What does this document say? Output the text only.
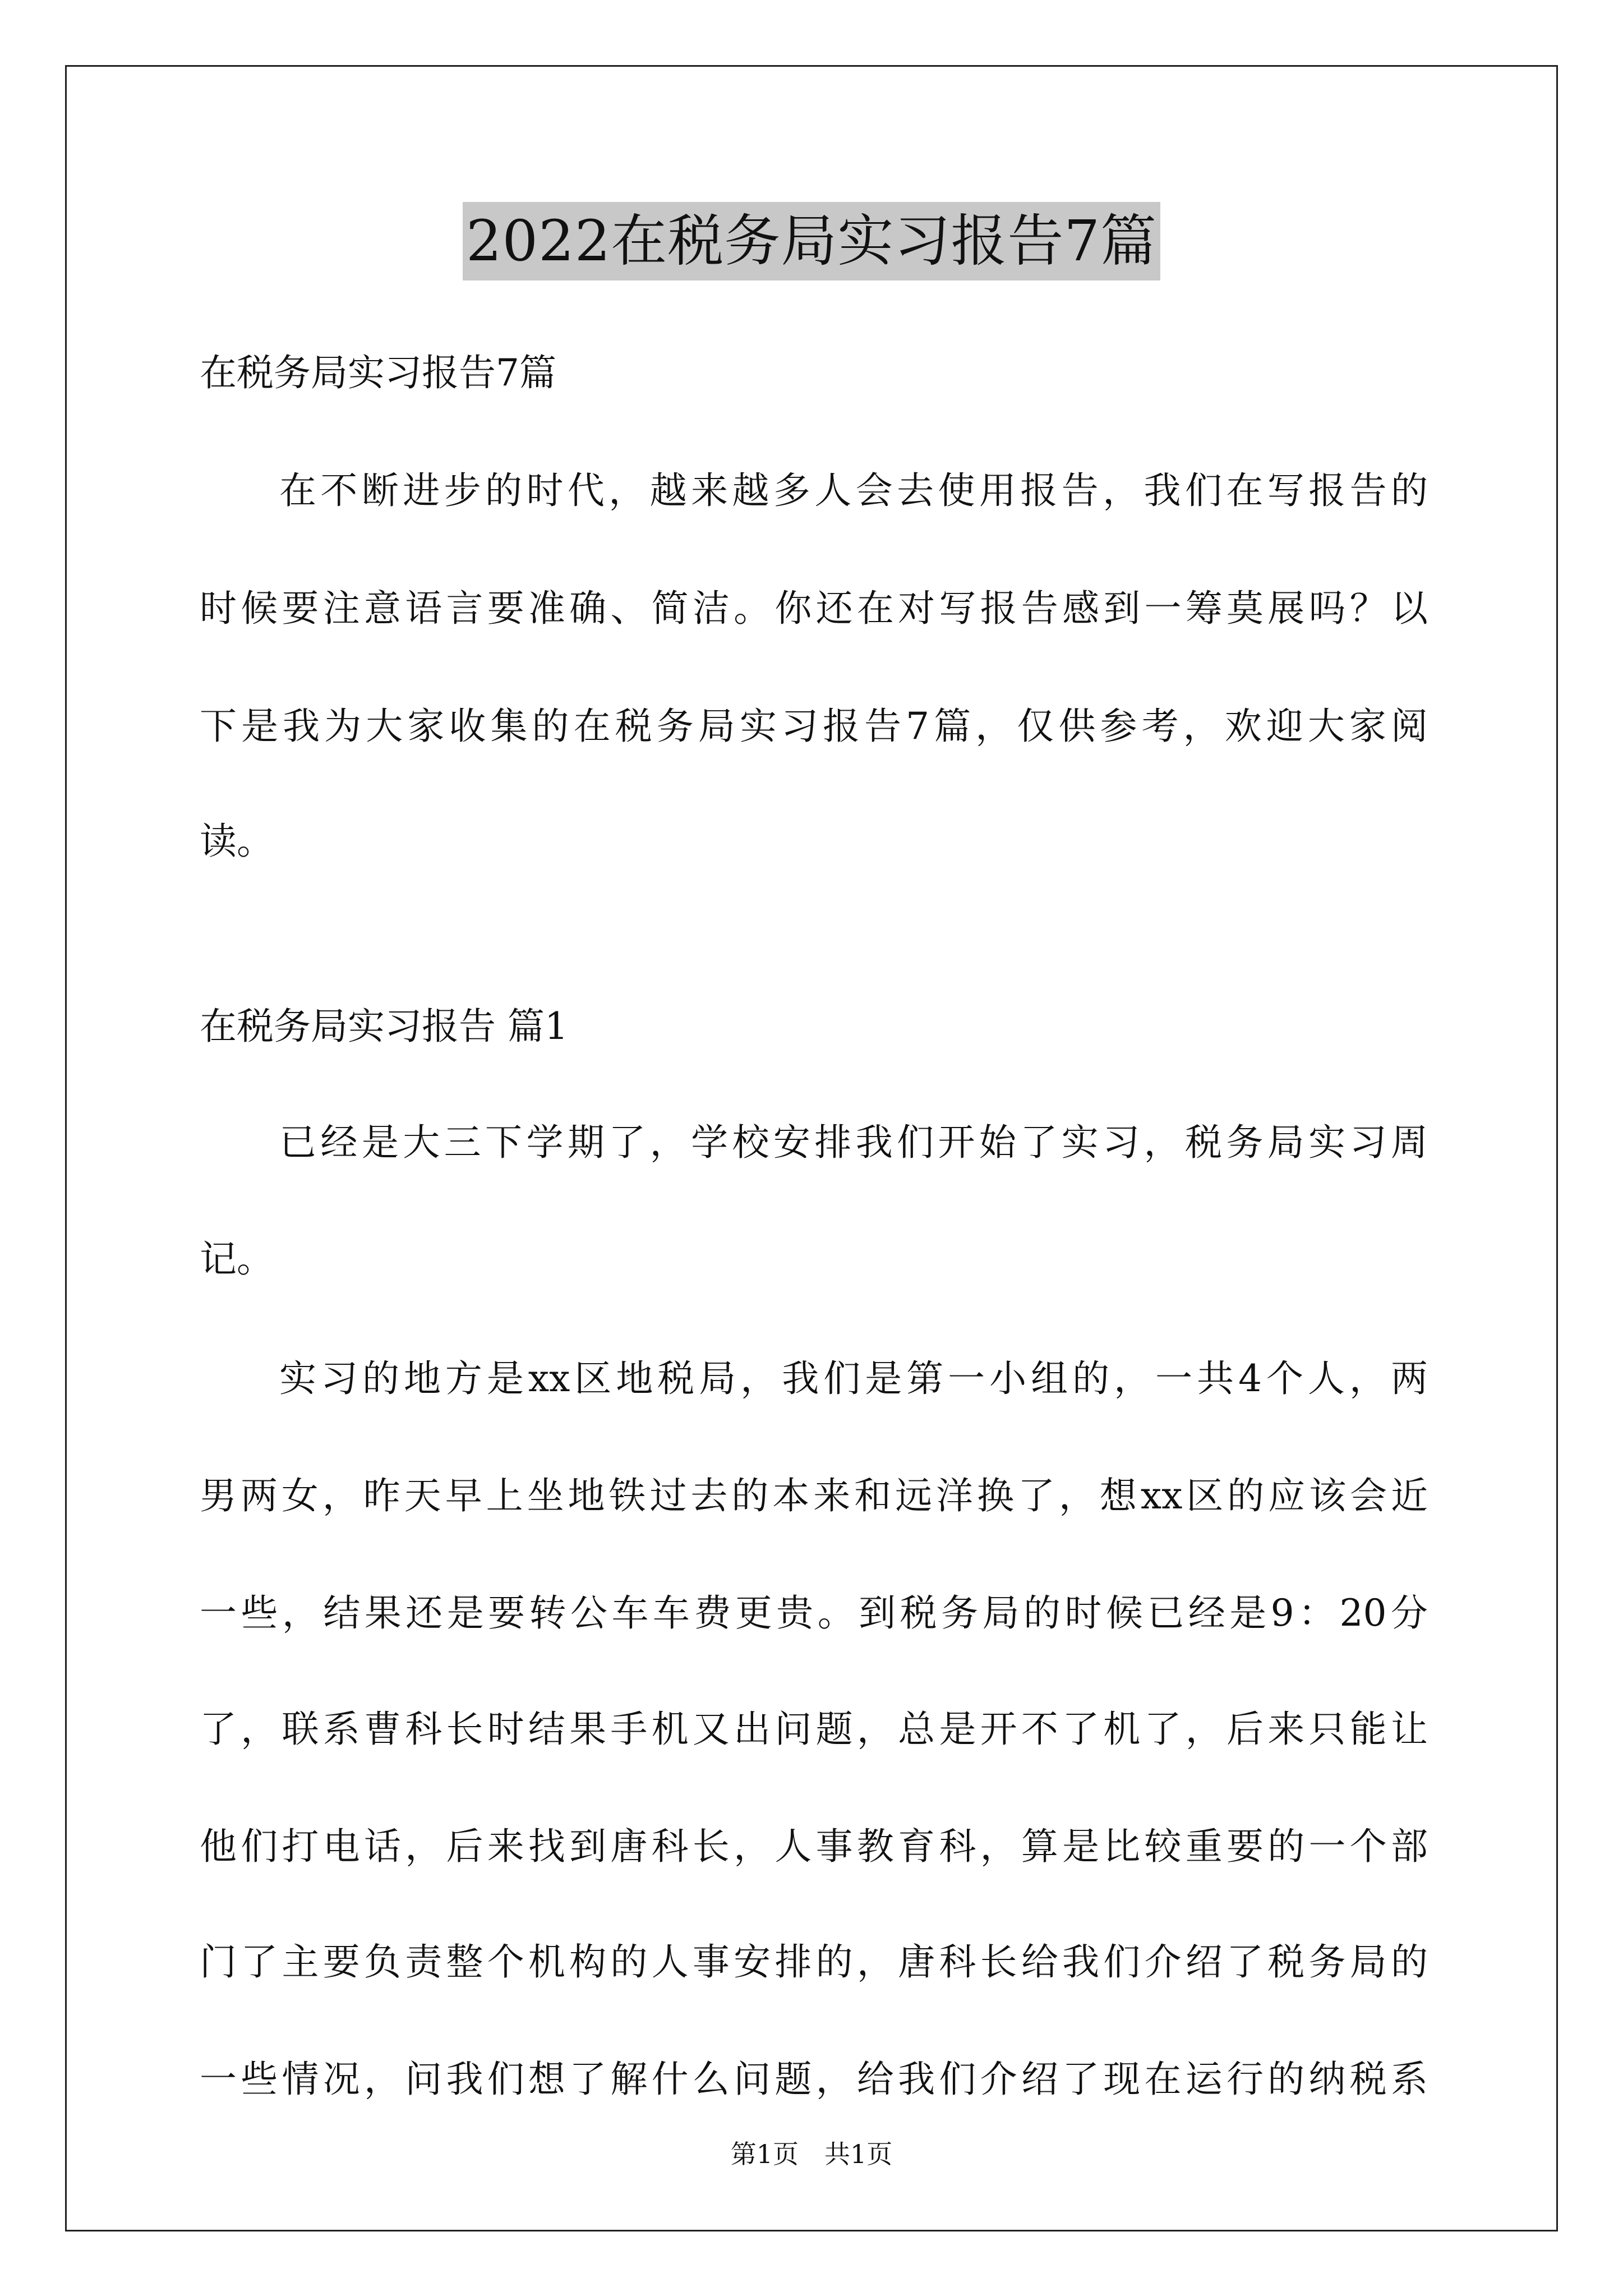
2022在税务局实习报告7篇
在税务局实习报告7篇
在不断进步的时代，越来越多人会去使用报告，我们在写报告的
时候要注意语言要准确、简洁。你还在对写报告感到一筹莫展吗？以
下是我为大家收集的在税务局实习报告7篇，仅供参考，欢迎大家阅
读。
在税务局实习报告 篇1
已经是大三下学期了，学校安排我们开始了实习，税务局实习周
记。
实习的地方是xx区地税局，我们是第一小组的，一共4个人，两
男两女，昨天早上坐地铁过去的本来和远洋换了，想xx区的应该会近
一些，结果还是要转公车车费更贵。到税务局的时候已经是9：20分
了，联系曹科长时结果手机又出问题，总是开不了机了，后来只能让
他们打电话，后来找到唐科长，人事教育科，算是比较重要的一个部
门了主要负责整个机构的人事安排的，唐科长给我们介绍了税务局的
一些情况，问我们想了解什么问题，给我们介绍了现在运行的纳税系
第1页　共1页
